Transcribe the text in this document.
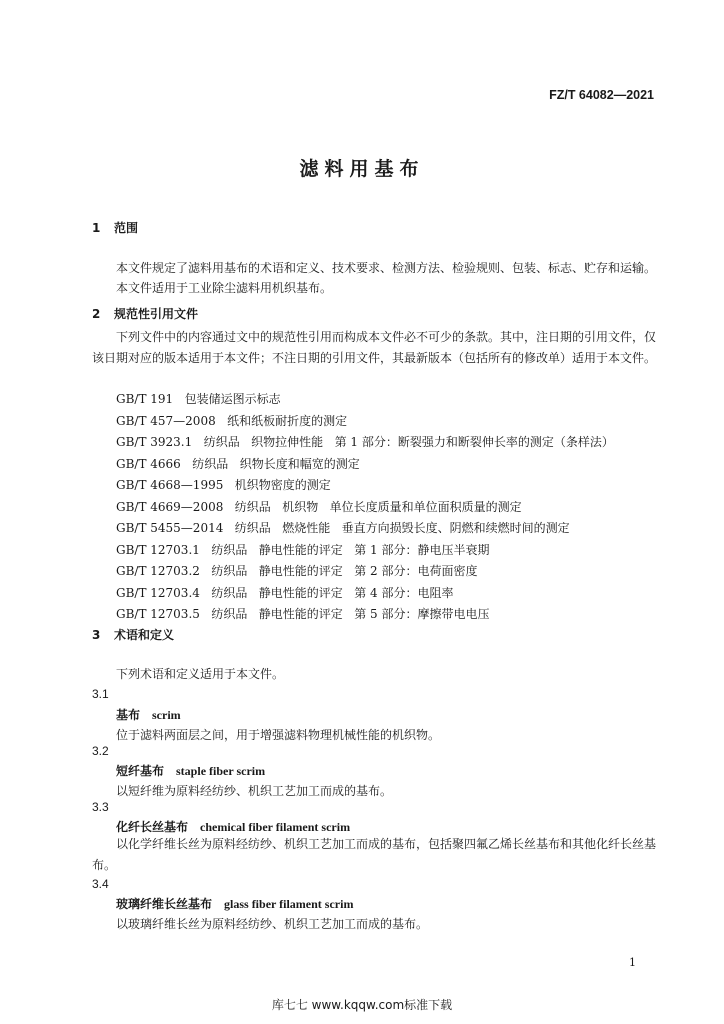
FZ/T 64082—2021
滤料用基布
1 范围
本文件规定了滤料用基布的术语和定义、技术要求、检测方法、检验规则、包装、标志、贮存和运输。
本文件适用于工业除尘滤料用机织基布。
2 规范性引用文件
下列文件中的内容通过文中的规范性引用而构成本文件必不可少的条款。其中，注日期的引用文件，仅该日期对应的版本适用于本文件；不注日期的引用文件，其最新版本（包括所有的修改单）适用于本文件。
GB/T 191   包装储运图示标志
GB/T 457—2008   纸和纸板耐折度的测定
GB/T 3923.1   纺织品   织物拉伸性能   第 1 部分：断裂强力和断裂伸长率的测定（条样法）
GB/T 4666   纺织品   织物长度和幅宽的测定
GB/T 4668—1995   机织物密度的测定
GB/T 4669—2008   纺织品   机织物   单位长度质量和单位面积质量的测定
GB/T 5455—2014   纺织品   燃烧性能   垂直方向损毁长度、阴燃和续燃时间的测定
GB/T 12703.1   纺织品   静电性能的评定   第 1 部分：静电压半衰期
GB/T 12703.2   纺织品   静电性能的评定   第 2 部分：电荷面密度
GB/T 12703.4   纺织品   静电性能的评定   第 4 部分：电阻率
GB/T 12703.5   纺织品   静电性能的评定   第 5 部分：摩擦带电电压
3 术语和定义
下列术语和定义适用于本文件。
3.1
基布 scrim
位于滤料两面层之间，用于增强滤料物理机械性能的机织物。
3.2
短纤基布 staple fiber scrim
以短纤维为原料经纺纱、机织工艺加工而成的基布。
3.3
化纤长丝基布 chemical fiber filament scrim
以化学纤维长丝为原料经纺纱、机织工艺加工而成的基布，包括聚四氟乙烯长丝基布和其他化纤长丝基布。
3.4
玻璃纤维长丝基布 glass fiber filament scrim
以玻璃纤维长丝为原料经纺纱、机织工艺加工而成的基布。
1
库七七 www.kqqw.com标准下载
